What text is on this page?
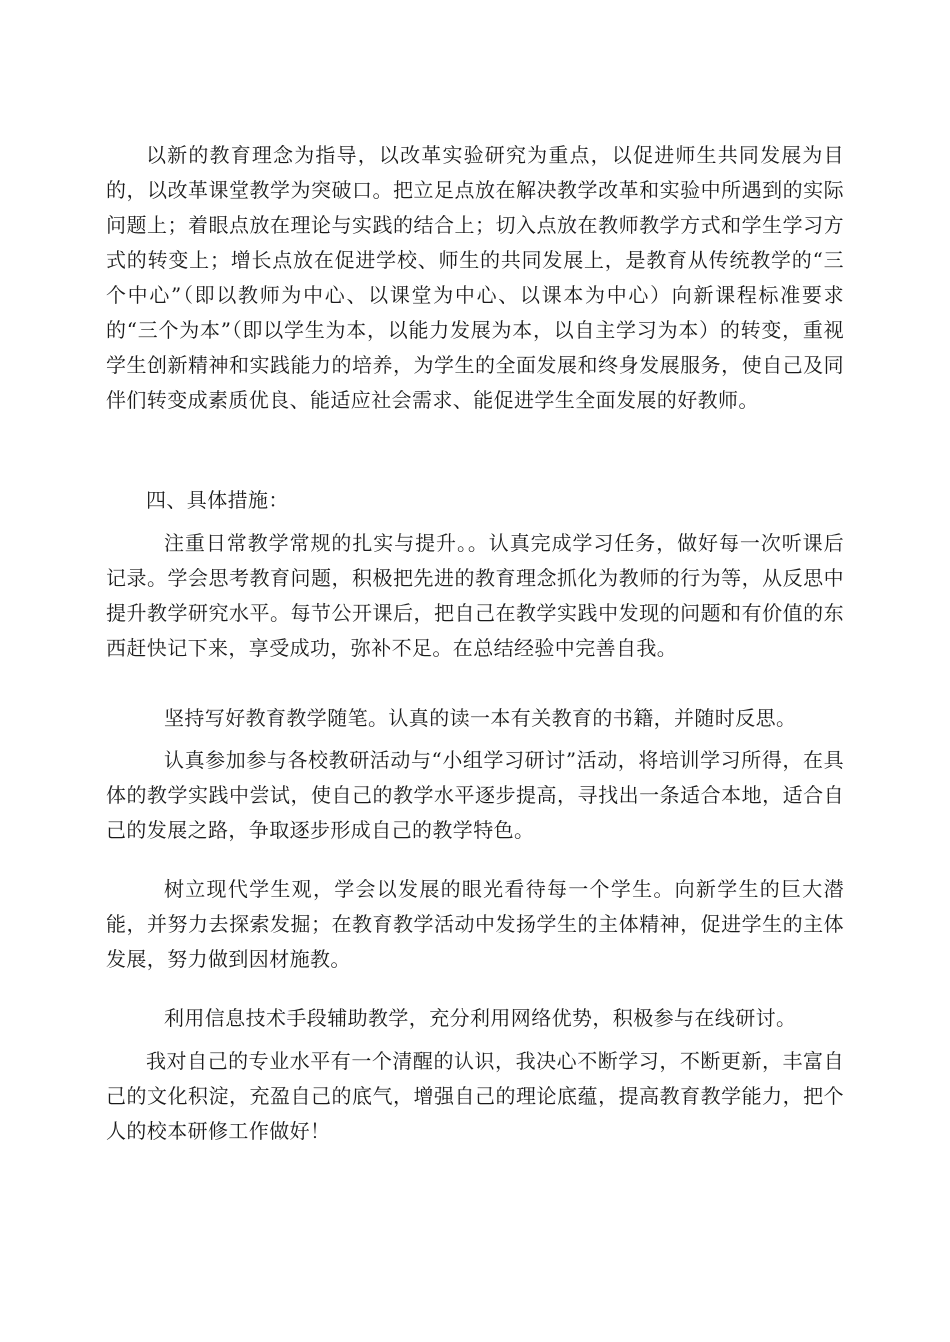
以新的教育理念为指导，以改革实验研究为重点，以促进师生共同发展为目的，以改革课堂教学为突破口。把立足点放在解决教学改革和实验中所遇到的实际问题上；着眼点放在理论与实践的结合上；切入点放在教师教学方式和学生学习方式的转变上；增长点放在促进学校、师生的共同发展上，是教育从传统教学的“三个中心”（即以教师为中心、以课堂为中心、以课本为中心）向新课程标准要求的“三个为本”（即以学生为本，以能力发展为本，以自主学习为本）的转变，重视学生创新精神和实践能力的培养，为学生的全面发展和终身发展服务，使自己及同伴们转变成素质优良、能适应社会需求、能促进学生全面发展的好教师。

四、具体措施：

注重日常教学常规的扎实与提升。。认真完成学习任务，做好每一次听课后记录。学会思考教育问题，积极把先进的教育理念抓化为教师的行为等，从反思中提升教学研究水平。每节公开课后，把自己在教学实践中发现的问题和有价值的东西赶快记下来，享受成功，弥补不足。在总结经验中完善自我。

坚持写好教育教学随笔。认真的读一本有关教育的书籍，并随时反思。

认真参加参与各校教研活动与“小组学习研讨”活动，将培训学习所得，在具体的教学实践中尝试，使自己的教学水平逐步提高，寻找出一条适合本地，适合自己的发展之路，争取逐步形成自己的教学特色。

树立现代学生观，学会以发展的眼光看待每一个学生。向新学生的巨大潜能，并努力去探索发掘；在教育教学活动中发扬学生的主体精神，促进学生的主体发展，努力做到因材施教。

利用信息技术手段辅助教学，充分利用网络优势，积极参与在线研讨。

我对自己的专业水平有一个清醒的认识，我决心不断学习，不断更新，丰富自己的文化积淀，充盈自己的底气，增强自己的理论底蕴，提高教育教学能力，把个人的校本研修工作做好！
